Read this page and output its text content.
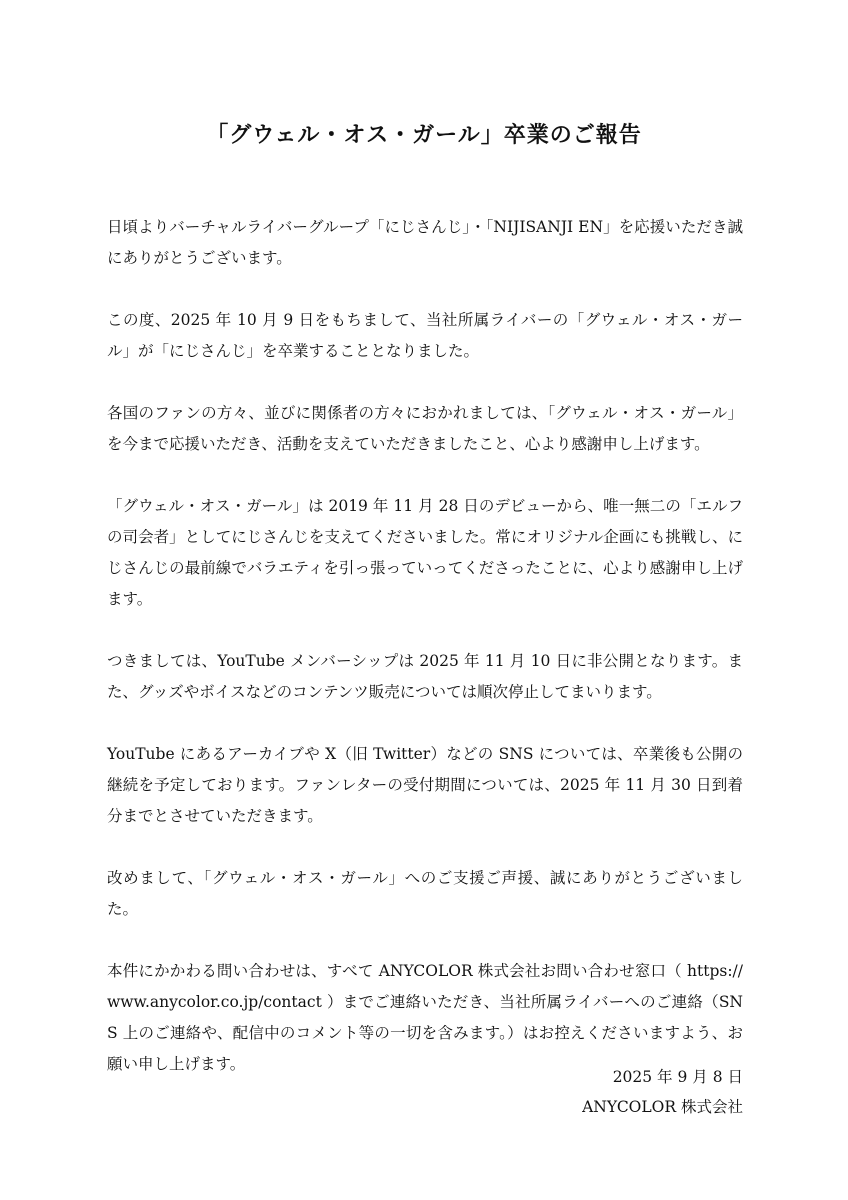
「グウェル・オス・ガール」卒業のご報告

日頃よりバーチャルライバーグループ「にじさんじ」・「NIJISANJI EN」を応援いただき誠にありがとうございます。

この度、2025 年 10 月 9 日をもちまして、当社所属ライバーの「グウェル・オス・ガール」が「にじさんじ」を卒業することとなりました。

各国のファンの方々、並びに関係者の方々におかれましては、「グウェル・オス・ガール」を今まで応援いただき、活動を支えていただきましたこと、心より感謝申し上げます。

「グウェル・オス・ガール」は 2019 年 11 月 28 日のデビューから、唯一無二の「エルフの司会者」としてにじさんじを支えてくださいました。常にオリジナル企画にも挑戦し、にじさんじの最前線でバラエティを引っ張っていってくださったことに、心より感謝申し上げます。

つきましては、YouTube メンバーシップは 2025 年 11 月 10 日に非公開となります。また、グッズやボイスなどのコンテンツ販売については順次停止してまいります。

YouTube にあるアーカイブや X（旧 Twitter）などの SNS については、卒業後も公開の継続を予定しております。ファンレターの受付期間については、2025 年 11 月 30 日到着分までとさせていただきます。

改めまして、「グウェル・オス・ガール」へのご支援ご声援、誠にありがとうございました。

本件にかかわる問い合わせは、すべて ANYCOLOR 株式会社お問い合わせ窓口（ https://www.anycolor.co.jp/contact ）までご連絡いただき、当社所属ライバーへのご連絡（SNS 上のご連絡や、配信中のコメント等の一切を含みます。）はお控えくださいますよう、お願い申し上げます。

2025 年 9 月 8 日

ANYCOLOR 株式会社
